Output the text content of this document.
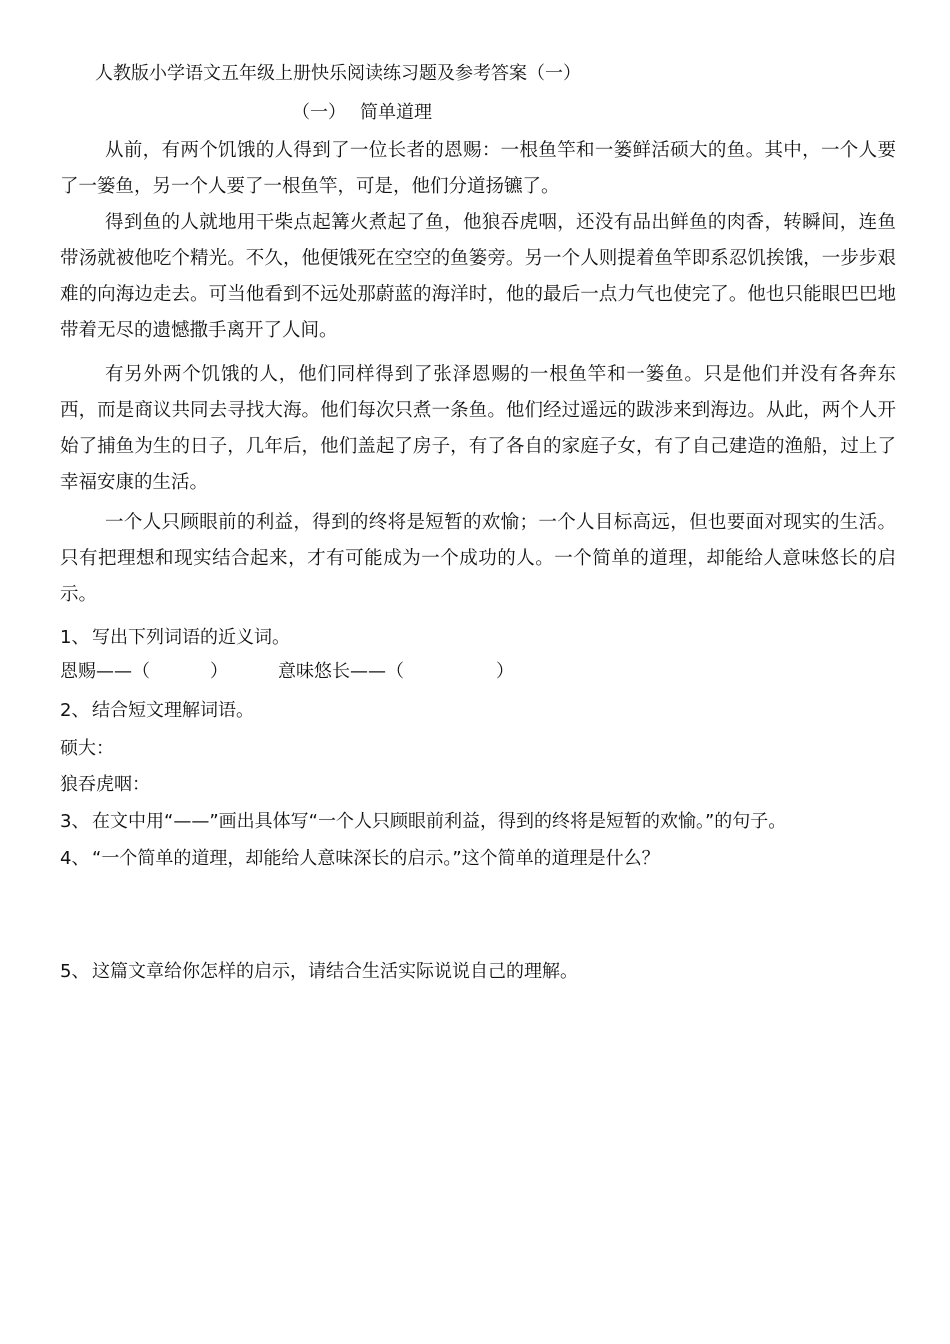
人教版小学语文五年级上册快乐阅读练习题及参考答案（一）
（一） 简单道理

从前，有两个饥饿的人得到了一位长者的恩赐：一根鱼竿和一篓鲜活硕大的鱼。其中，一个人要了一篓鱼，另一个人要了一根鱼竿，可是，他们分道扬镳了。

得到鱼的人就地用干柴点起篝火煮起了鱼，他狼吞虎咽，还没有品出鲜鱼的肉香，转瞬间，连鱼带汤就被他吃个精光。不久，他便饿死在空空的鱼篓旁。另一个人则提着鱼竿即系忍饥挨饿，一步步艰难的向海边走去。可当他看到不远处那蔚蓝的海洋时，他的最后一点力气也使完了。他也只能眼巴巴地带着无尽的遗憾撒手离开了人间。

有另外两个饥饿的人，他们同样得到了张泽恩赐的一根鱼竿和一篓鱼。只是他们并没有各奔东西，而是商议共同去寻找大海。他们每次只煮一条鱼。他们经过遥远的跋涉来到海边。从此，两个人开始了捕鱼为生的日子，几年后，他们盖起了房子，有了各自的家庭子女，有了自己建造的渔船，过上了幸福安康的生活。

一个人只顾眼前的利益，得到的终将是短暂的欢愉；一个人目标高远，但也要面对现实的生活。只有把理想和现实结合起来，才有可能成为一个成功的人。一个简单的道理，却能给人意味悠长的启示。

1、 写出下列词语的近义词。
恩赐——（	）	意味悠长——（	）
2、 结合短文理解词语。
硕大：
狼吞虎咽：
3、 在文中用“——”画出具体写“一个人只顾眼前利益，得到的终将是短暂的欢愉。”的句子。
4、 “一个简单的道理，却能给人意味深长的启示。”这个简单的道理是什么？
5、 这篇文章给你怎样的启示，请结合生活实际说说自己的理解。
